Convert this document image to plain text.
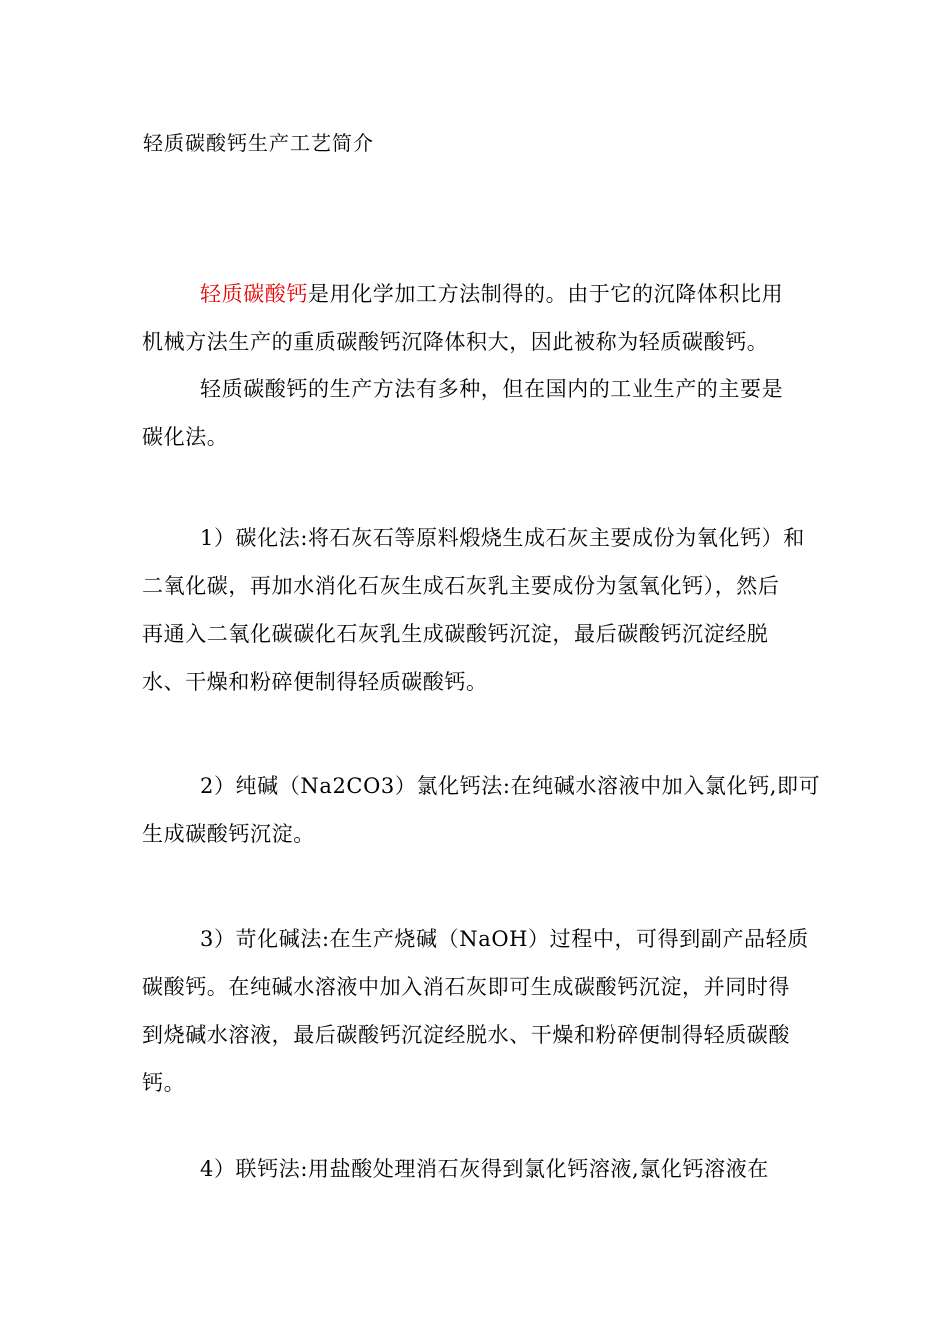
轻质碳酸钙生产工艺简介
轻质碳酸钙是用化学加工方法制得的。由于它的沉降体积比用
机械方法生产的重质碳酸钙沉降体积大，因此被称为轻质碳酸钙。
轻质碳酸钙的生产方法有多种，但在国内的工业生产的主要是
碳化法。
1）碳化法:将石灰石等原料煅烧生成石灰主要成份为氧化钙）和
二氧化碳，再加水消化石灰生成石灰乳主要成份为氢氧化钙），然后
再通入二氧化碳碳化石灰乳生成碳酸钙沉淀，最后碳酸钙沉淀经脱
水、干燥和粉碎便制得轻质碳酸钙。
2）纯碱（Na2CO3）氯化钙法:在纯碱水溶液中加入氯化钙,即可
生成碳酸钙沉淀。
3）苛化碱法:在生产烧碱（NaOH）过程中，可得到副产品轻质
碳酸钙。在纯碱水溶液中加入消石灰即可生成碳酸钙沉淀，并同时得
到烧碱水溶液，最后碳酸钙沉淀经脱水、干燥和粉碎便制得轻质碳酸
钙。
4）联钙法:用盐酸处理消石灰得到氯化钙溶液,氯化钙溶液在
